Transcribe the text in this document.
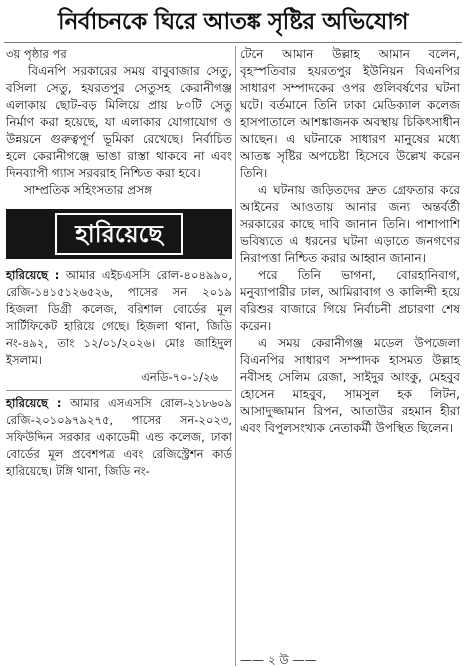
নির্বাচনকে ঘিরে আতঙ্ক সৃষ্টির অভিযোগ

৩য় পৃষ্ঠার পর

বিএনপি সরকারের সময় বাবুবাজার সেতু, বসিলা সেতু, হযরতপুর সেতুসহ কেরানীগঞ্জ এলাকায় ছোট-বড় মিলিয়ে প্রায় ৮০টি সেতু নির্মাণ করা হয়েছে, যা এলাকার যোগাযোগ ও উন্নয়নে গুরুত্বপূর্ণ ভূমিকা রেখেছে। নির্বাচিত হলে কেরানীগঞ্জে ভাঙা রাস্তা থাকবে না এবং দিনব্যাপী গ্যাস সরবরাহ নিশ্চিত করা হবে।

সাম্প্রতিক সহিংসতার প্রসঙ্গ

হারিয়েছে

হারিয়েছে : আমার এইচএসসি রোল-৪০৪৯৯০, রেজি-১৪১৫১২৬৫২৬, পাসের সন ২০১৯ হিজলা ডিগ্রী কলেজ, বরিশাল বোর্ডের মূল সার্টিফিকেট হারিয়ে গেছে। হিজলা থানা, জিডি নং-৪৯২, তাং ১২/০১/২০২৬। মোঃ জাহিদুল ইসলাম।

এনডি-৭০-১/২৬

হারিয়েছে : আমার এসএসসি রোল-২১৮৬০৯ রেজি-২০১০৯৭৯২৭৫, পাসের সন-২০২৩, সফিউদ্দিন সরকার একাডেমী এন্ড কলেজ, ঢাকা বোর্ডের মূল প্রবেশপত্র এবং রেজিস্ট্রেশন কার্ড হারিয়েছে। টঙ্গি থানা, জিডি নং-

টেনে আমান উল্লাহ আমান বলেন, বৃহস্পতিবার হযরতপুর ইউনিয়ন বিএনপির সাধারণ সম্পাদকের ওপর গুলিবর্ষণের ঘটনা ঘটে। বর্তমানে তিনি ঢাকা মেডিক্যাল কলেজ হাসপাতালে আশঙ্কাজনক অবস্থায় চিকিৎসাধীন আছেন। এ ঘটনাকে সাধারণ মানুষের মধ্যে আতঙ্ক সৃষ্টির অপচেষ্টা হিসেবে উল্লেখ করেন তিনি।

এ ঘটনায় জড়িতদের দ্রুত গ্রেফতার করে আইনের আওতায় আনার জন্য অন্তর্বর্তী সরকারের কাছে দাবি জানান তিনি। পাশাপাশি ভবিষ্যতে এ ধরনের ঘটনা এড়াতে জনগণের নিরাপত্তা নিশ্চিত করার আহ্বান জানান।

পরে তিনি ভাগনা, বোরহানিবাগ, মনুব্যাপারীর ঢাল, আমিরাবাগ ও কালিন্দী হয়ে বরিশুর বাজারে গিয়ে নির্বাচনী প্রচারণা শেষ করেন।

এ সময় কেরানীগঞ্জ মডেল উপজেলা বিএনপির সাধারণ সম্পাদক হাসমত উল্লাহ নবীসহ সেলিম রেজা, সাইদুর আংকু, মেহবুব হোসেন মাহবুব, সামসুল হক লিটন, আসাদুজ্জামান রিপন, আতাউর রহমান হীরা এবং বিপুলসংখ্যক নেতাকর্মী উপস্থিত ছিলেন।

—— ২ উ ——
